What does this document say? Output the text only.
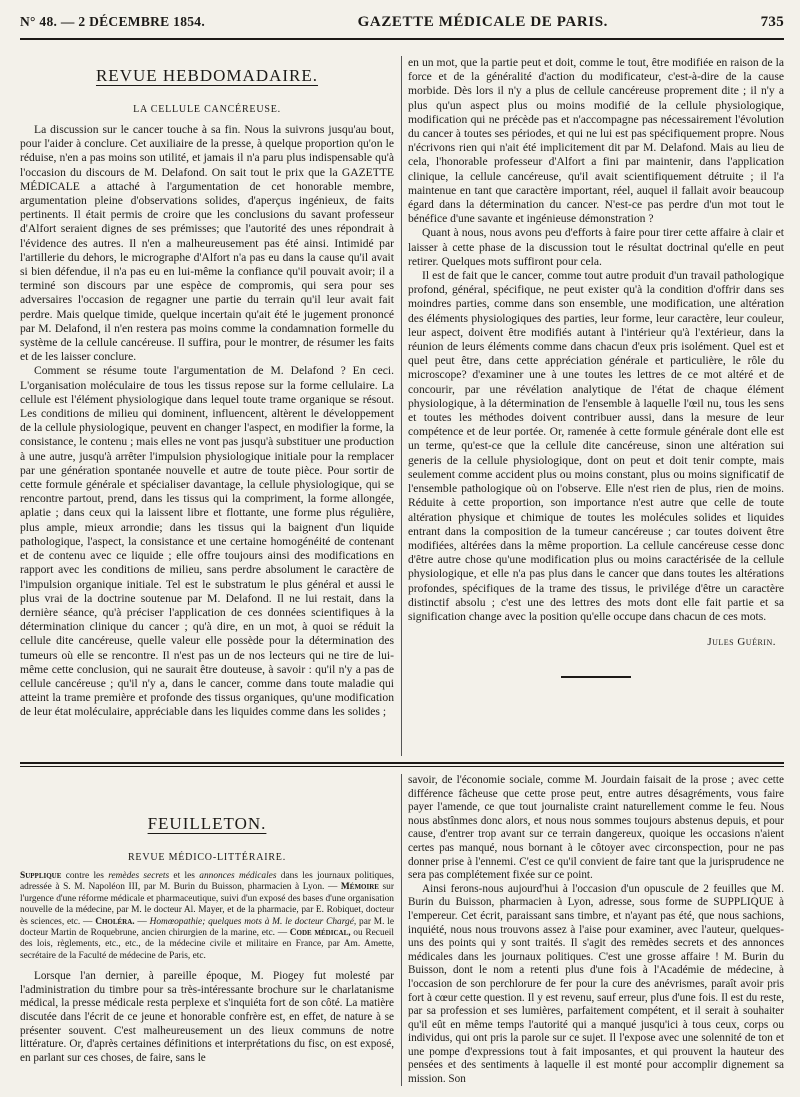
N° 48. — 2 DÉCEMBRE 1854.	GAZETTE MÉDICALE DE PARIS.	735
REVUE HEBDOMADAIRE.
LA CELLULE CANCÉREUSE.

La discussion sur le cancer touche à sa fin. Nous la suivrons jusqu'au bout, pour l'aider à conclure. Cet auxiliaire de la presse, à quelque proportion qu'on le réduise, n'en a pas moins son utilité, et jamais il n'a paru plus indispensable qu'à l'occasion du discours de M. Delafond. On sait tout le prix que la GAZETTE MÉDICALE a attaché à l'argumentation de cet honorable membre, argumentation pleine d'observations solides, d'aperçus ingénieux, de faits pertinents. Il était permis de croire que les conclusions du savant professeur d'Alfort seraient dignes de ses prémisses; que l'autorité des unes répondrait à l'évidence des autres. Il n'en a malheureusement pas été ainsi. Intimidé par l'artillerie du dehors, le micrographe d'Alfort n'a pas eu dans la cause qu'il avait si bien défendue, il n'a pas eu en lui-même la confiance qu'il pouvait avoir; il a terminé son discours par une espèce de compromis, qui sera pour ses adversaires l'occasion de regagner une partie du terrain qu'il leur avait fait perdre. Mais quelque timide, quelque incertain qu'ait été le jugement prononcé par M. Delafond, il n'en restera pas moins comme la condamnation formelle du système de la cellule cancéreuse. Il suffira, pour le montrer, de résumer les faits et de les laisser conclure.

Comment se résume toute l'argumentation de M. Delafond ? En ceci. L'organisation moléculaire de tous les tissus repose sur la forme cellulaire. La cellule est l'élément physiologique dans lequel toute trame organique se résout. Les conditions de milieu qui dominent, influencent, altèrent le développement de la cellule physiologique, peuvent en changer l'aspect, en modifier la forme, la consistance, le contenu ; mais elles ne vont pas jusqu'à substituer une production à une autre, jusqu'à arrêter l'impulsion physiologique initiale pour la remplacer par une génération spontanée nouvelle et autre de toute pièce. Pour sortir de cette formule générale et spécialiser davantage, la cellule physiologique, qui se rencontre partout, prend, dans les tissus qui la compriment, la forme allongée, aplatie ; dans ceux qui la laissent libre et flottante, une forme plus régulière, plus ample, mieux arrondie; dans les tissus qui la baignent d'un liquide pathologique, l'aspect, la consistance et une certaine homogénéité de contenant et de contenu avec ce liquide ; elle offre toujours ainsi des modifications en rapport avec les conditions de milieu, sans perdre absolument le caractère de l'impulsion organique initiale. Tel est le substratum le plus général et aussi le plus vrai de la doctrine soutenue par M. Delafond. Il ne lui restait, dans la dernière séance, qu'à préciser l'application de ces données scientifiques à la détermination clinique du cancer ; qu'à dire, en un mot, à quoi se réduit la cellule dite cancéreuse, quelle valeur elle possède pour la détermination des tumeurs où elle se rencontre. Il n'est pas un de nos lecteurs qui ne tire de lui-même cette conclusion, qui ne saurait être douteuse, à savoir : qu'il n'y a pas de cellule cancéreuse ; qu'il n'y a, dans le cancer, comme dans toute maladie qui atteint la trame première et profonde des tissus organiques, qu'une modification de leur état moléculaire, appréciable dans les liquides comme dans les solides ;

en un mot, que la partie peut et doit, comme le tout, être modifiée en raison de la force et de la généralité d'action du modificateur, c'est-à-dire de la cause morbide. Dès lors il n'y a plus de cellule cancéreuse proprement dite ; il n'y a plus qu'un aspect plus ou moins modifié de la cellule physiologique, modification qui ne précède pas et n'accompagne pas nécessairement l'évolution du cancer à toutes ses périodes, et qui ne lui est pas spécifiquement propre. Nous n'écrivons rien qui n'ait été implicitement dit par M. Delafond. Mais au lieu de cela, l'honorable professeur d'Alfort a fini par maintenir, dans l'application clinique, la cellule cancéreuse, qu'il avait scientifiquement détruite ; il l'a maintenue en tant que caractère important, réel, auquel il fallait avoir beaucoup égard dans la détermination du cancer. N'est-ce pas perdre d'un mot tout le bénéfice d'une savante et ingénieuse démonstration ?

Quant à nous, nous avons peu d'efforts à faire pour tirer cette affaire à clair et laisser à cette phase de la discussion tout le résultat doctrinal qu'elle en peut retirer. Quelques mots suffiront pour cela.

Il est de fait que le cancer, comme tout autre produit d'un travail pathologique profond, général, spécifique, ne peut exister qu'à la condition d'offrir dans ses moindres parties, comme dans son ensemble, une modification, une altération des éléments physiologiques des parties, leur forme, leur caractère, leur couleur, leur aspect, doivent être modifiés autant à l'intérieur qu'à l'extérieur, dans la réunion de leurs éléments comme dans chacun d'eux pris isolément. Quel est et quel peut être, dans cette appréciation générale et particulière, le rôle du microscope? d'examiner une à une toutes les lettres de ce mot altéré et de concourir, par une révélation analytique de l'état de chaque élément physiologique, à la détermination de l'ensemble à laquelle l'œil nu, tous les sens et toutes les méthodes doivent contribuer aussi, dans la mesure de leur compétence et de leur portée. Or, ramenée à cette formule générale dont elle est un terme, qu'est-ce que la cellule dite cancéreuse, sinon une altération sui generis de la cellule physiologique, dont on peut et doit tenir compte, mais seulement comme accident plus ou moins constant, plus ou moins significatif de l'ensemble pathologique où on l'observe. Elle n'est rien de plus, rien de moins. Réduite à cette proportion, son importance n'est autre que celle de toute altération physique et chimique de toutes les molécules solides et liquides entrant dans la composition de la tumeur cancéreuse ; car toutes doivent être modifiées, altérées dans la même proportion. La cellule cancéreuse cesse donc d'être autre chose qu'une modification plus ou moins caractérisée de la cellule physiologique, et elle n'a pas plus dans le cancer que dans toutes les altérations profondes, spécifiques de la trame des tissus, le privilége d'être un caractère distinctif absolu ; c'est une des lettres des mots dont elle fait partie et sa signification change avec la position qu'elle occupe dans chacun de ces mots.

Jules Guérin.
FEUILLETON.
REVUE MÉDICO-LITTÉRAIRE.
Supplique contre les remèdes secrets et les annonces médicales dans les journaux politiques, adressée à S. M. Napoléon III, par M. Burin du Buisson, pharmacien à Lyon. — Mémoire sur l'urgence d'une réforme médicale et pharmaceutique, suivi d'un exposé des bases d'une organisation nouvelle de la médecine, par M. le docteur Al. Mayer, et de la pharmacie, par E. Robiquet, docteur ès sciences, etc. — Choléra. — Homœopathie; quelques mots à M. le docteur Chargé, par M. le docteur Martin de Roquebrune, ancien chirurgien de la marine, etc. — Code médical, ou Recueil des lois, règlements, etc., etc., de la médecine civile et militaire en France, par Am. Amette, secrétaire de la Faculté de médecine de Paris, etc.

Lorsque l'an dernier, à pareille époque, M. Piogey fut molesté par l'administration du timbre pour sa très-intéressante brochure sur le charlatanisme médical, la presse médicale resta perplexe et s'inquiéta fort de son côté. La matière discutée dans l'écrit de ce jeune et honorable confrère est, en effet, de nature à se présenter souvent. C'est malheureusement un des lieux communs de notre littérature. Or, d'après certaines définitions et interprétations du fisc, on est exposé, en parlant sur ces choses, de faire, sans le

savoir, de l'économie sociale, comme M. Jourdain faisait de la prose ; avec cette différence fâcheuse que cette prose peut, entre autres désagréments, vous faire payer l'amende, ce que tout journaliste craint naturellement comme le feu. Nous nous abstînmes donc alors, et nous nous sommes toujours abstenus depuis, et pour cause, d'entrer trop avant sur ce terrain dangereux, quoique les occasions n'aient certes pas manqué, nous bornant à le côtoyer avec circonspection, pour ne pas donner prise à l'ennemi. C'est ce qu'il convient de faire tant que la jurisprudence ne sera pas complétement fixée sur ce point.

Ainsi ferons-nous aujourd'hui à l'occasion d'un opuscule de 2 feuilles que M. Burin du Buisson, pharmacien à Lyon, adresse, sous forme de SUPPLIQUE à l'empereur. Cet écrit, paraissant sans timbre, et n'ayant pas été, que nous sachions, inquiété, nous nous trouvons assez à l'aise pour examiner, avec l'auteur, quelques-uns des points qui y sont traités. Il s'agit des remèdes secrets et des annonces médicales dans les journaux politiques. C'est une grosse affaire ! M. Burin du Buisson, dont le nom a retenti plus d'une fois à l'Académie de médecine, à l'occasion de son perchlorure de fer pour la cure des anévrismes, paraît avoir pris fort à cœur cette question. Il y est revenu, sauf erreur, plus d'une fois. Il est du reste, par sa profession et ses lumières, parfaitement compétent, et il serait à souhaiter qu'il eût en même temps l'autorité qui a manqué jusqu'ici à tous ceux, corps ou individus, qui ont pris la parole sur ce sujet. Il l'expose avec une solennité de ton et une pompe d'expressions tout à fait imposantes, et qui prouvent la hauteur des pensées et des sentiments à laquelle il est monté pour accomplir dignement sa mission. Son
